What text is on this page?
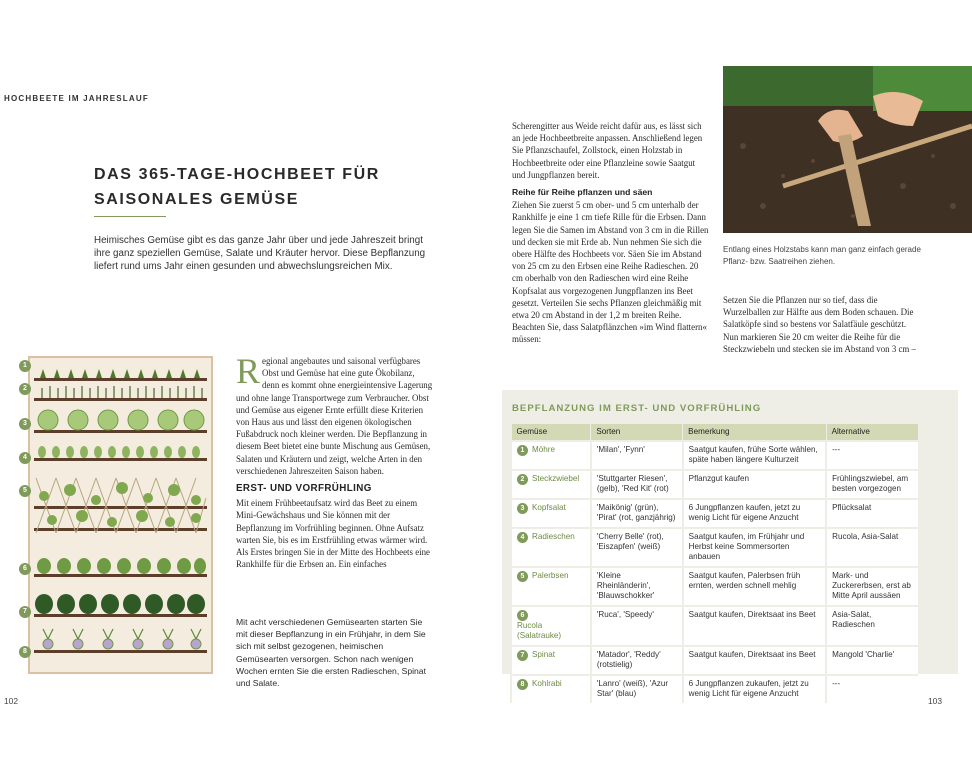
HOCHBEETE IM JAHRESLAUF
DAS 365-TAGE-HOCHBEET FÜR
SAISONALES GEMÜSE
Heimisches Gemüse gibt es das ganze Jahr über und jede Jahreszeit bringt ihre ganz speziellen Gemüse, Salate und Kräuter hervor. Diese Bepflanzung liefert rund ums Jahr einen gesunden und abwechslungsreichen Mix.
1
2
3
4
5
6
7
8
R egional angebautes und saisonal verfügbares Obst und Gemüse hat eine gute Ökobilanz, denn es kommt ohne energieintensive Lagerung und ohne lange Transportwege zum Verbraucher. Obst und Gemüse aus eigener Ernte erfüllt diese Kriterien von Haus aus und lässt den eigenen ökologischen Fußabdruck noch kleiner werden. Die Bepflanzung in diesem Beet bietet eine bunte Mischung aus Gemüsen, Salaten und Kräutern und zeigt, welche Arten in den verschiedenen Jahreszeiten Saison haben.
ERST- UND VORFRÜHLING
Mit einem Frühbeetaufsatz wird das Beet zu einem Mini-Gewächshaus und Sie können mit der Bepflanzung im Vorfrühling beginnen. Ohne Aufsatz warten Sie, bis es im Erstfrühling etwas wärmer wird. Als Erstes bringen Sie in der Mitte des Hochbeets eine Rankhilfe für die Erbsen an. Ein einfaches
Mit acht verschiedenen Gemüsearten starten Sie mit dieser Bepflanzung in ein Frühjahr, in dem Sie sich mit selbst gezogenen, heimischen Gemüsearten versorgen. Schon nach wenigen Wochen ernten Sie die ersten Radieschen, Spinat und Salate.
Scherengitter aus Weide reicht dafür aus, es lässt sich an jede Hochbeetbreite anpassen. Anschließend legen Sie Pflanzschaufel, Zollstock, einen Holzstab in Hochbeetbreite oder eine Pflanzleine sowie Saatgut und Jungpflanzen bereit.
Reihe für Reihe pflanzen und säen
Ziehen Sie zuerst 5 cm ober- und 5 cm unterhalb der Rankhilfe je eine 1 cm tiefe Rille für die Erbsen. Dann legen Sie die Samen im Abstand von 3 cm in die Rillen und decken sie mit Erde ab. Nun nehmen Sie sich die obere Hälfte des Hochbeets vor. Säen Sie im Abstand von 25 cm zu den Erbsen eine Reihe Radieschen. 20 cm oberhalb von den Radieschen wird eine Reihe Kopfsalat aus vorgezogenen Jungpflanzen ins Beet gesetzt. Verteilen Sie sechs Pflanzen gleichmäßig mit etwa 20 cm Abstand in der 1,2 m breiten Reihe. Beachten Sie, dass Salatpflänzchen »im Wind flattern« müssen:
Entlang eines Holzstabs kann man ganz einfach gerade Pflanz- bzw. Saatreihen ziehen.
Setzen Sie die Pflanzen nur so tief, dass die Wurzelballen zur Hälfte aus dem Boden schauen. Die Salatköpfe sind so bestens vor Salatfäule geschützt. Nun markieren Sie 20 cm weiter die Reihe für die Steckzwiebeln und stecken sie im Abstand von 3 cm –
BEPFLANZUNG IM ERST- UND VORFRÜHLING
Gemüse	Sorten	Bemerkung	Alternative
1 Möhre	'Milan', 'Fynn'	Saatgut kaufen, frühe Sorte wählen, späte haben längere Kulturzeit	---
2 Steckzwiebel	'Stuttgarter Riesen', (gelb), 'Red Kit' (rot)	Pflanzgut kaufen	Frühlingszwiebel, am besten vorgezogen
3 Kopfsalat	'Maikönig' (grün), 'Pirat' (rot, ganzjährig)	6 Jungpflanzen kaufen, jetzt zu wenig Licht für eigene Anzucht	Pflücksalat
4 Radieschen	'Cherry Belle' (rot), 'Eiszapfen' (weiß)	Saatgut kaufen, im Frühjahr und Herbst keine Sommersorten anbauen	Rucola, Asia-Salat
5 Palerbsen	'Kleine Rheinländerin', 'Blauwschokker'	Saatgut kaufen, Palerbsen früh ernten, werden schnell mehlig	Mark- und Zuckererbsen, erst ab Mitte April aussäen
6Rucola (Salatrauke)	'Ruca', 'Speedy'	Saatgut kaufen, Direktsaat ins Beet	Asia-Salat, Radieschen
7 Spinat	'Matador', 'Reddy' (rotstielig)	Saatgut kaufen, Direktsaat ins Beet	Mangold 'Charlie'
8 Kohlrabi	'Lanro' (weiß), 'Azur Star' (blau)	6 Jungpflanzen zukaufen, jetzt zu wenig Licht für eigene Anzucht	---
102	103
